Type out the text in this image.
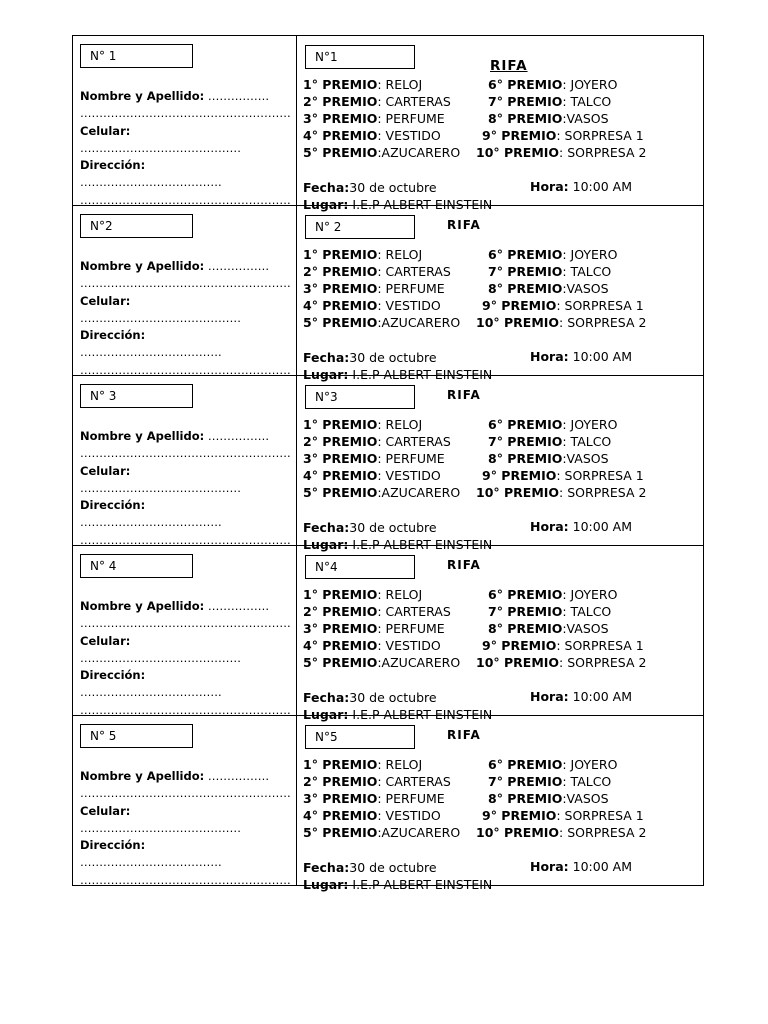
N° 1
Nombre y Apellido: …………….
……………………………………………….
Celular: ……………………………………
Dirección: ……………………………….
……………………………………………….
N°1
RIFA
1° PREMIO: RELOJ	6° PREMIO: JOYERO
2° PREMIO: CARTERAS	7° PREMIO: TALCO
3° PREMIO: PERFUME	8° PREMIO:VASOS
4° PREMIO: VESTIDO	9° PREMIO: SORPRESA 1
5° PREMIO:AZUCARERO 10° PREMIO: SORPRESA 2
Fecha:30 de octubre	Hora: 10:00 AM
Lugar: I.E.P ALBERT EINSTEIN
N°2
Nombre y Apellido: …………….
……………………………………………….
Celular: ……………………………………
Dirección: ……………………………….
……………………………………………….
N° 2	RIFA
1° PREMIO: RELOJ	6° PREMIO: JOYERO
2° PREMIO: CARTERAS	7° PREMIO: TALCO
3° PREMIO: PERFUME	8° PREMIO:VASOS
4° PREMIO: VESTIDO	9° PREMIO: SORPRESA 1
5° PREMIO:AZUCARERO 10° PREMIO: SORPRESA 2
Fecha:30 de octubre	Hora: 10:00 AM
Lugar: I.E.P ALBERT EINSTEIN
N° 3
Nombre y Apellido: …………….
……………………………………………….
Celular: ……………………………………
Dirección: ……………………………….
……………………………………………….
N°3	RIFA
1° PREMIO: RELOJ	6° PREMIO: JOYERO
2° PREMIO: CARTERAS	7° PREMIO: TALCO
3° PREMIO: PERFUME	8° PREMIO:VASOS
4° PREMIO: VESTIDO	9° PREMIO: SORPRESA 1
5° PREMIO:AZUCARERO 10° PREMIO: SORPRESA 2
Fecha:30 de octubre	Hora: 10:00 AM
Lugar: I.E.P ALBERT EINSTEIN
N° 4
Nombre y Apellido: …………….
……………………………………………….
Celular: ……………………………………
Dirección: ……………………………….
……………………………………………….
N°4	RIFA
1° PREMIO: RELOJ	6° PREMIO: JOYERO
2° PREMIO: CARTERAS	7° PREMIO: TALCO
3° PREMIO: PERFUME	8° PREMIO:VASOS
4° PREMIO: VESTIDO	9° PREMIO: SORPRESA 1
5° PREMIO:AZUCARERO 10° PREMIO: SORPRESA 2
Fecha:30 de octubre	Hora: 10:00 AM
Lugar: I.E.P ALBERT EINSTEIN
N° 5
Nombre y Apellido: …………….
……………………………………………….
Celular: ……………………………………
Dirección: ……………………………….
……………………………………………….
N°5	RIFA
1° PREMIO: RELOJ	6° PREMIO: JOYERO
2° PREMIO: CARTERAS	7° PREMIO: TALCO
3° PREMIO: PERFUME	8° PREMIO:VASOS
4° PREMIO: VESTIDO	9° PREMIO: SORPRESA 1
5° PREMIO:AZUCARERO 10° PREMIO: SORPRESA 2
Fecha:30 de octubre	Hora: 10:00 AM
Lugar: I.E.P ALBERT EINSTEIN
